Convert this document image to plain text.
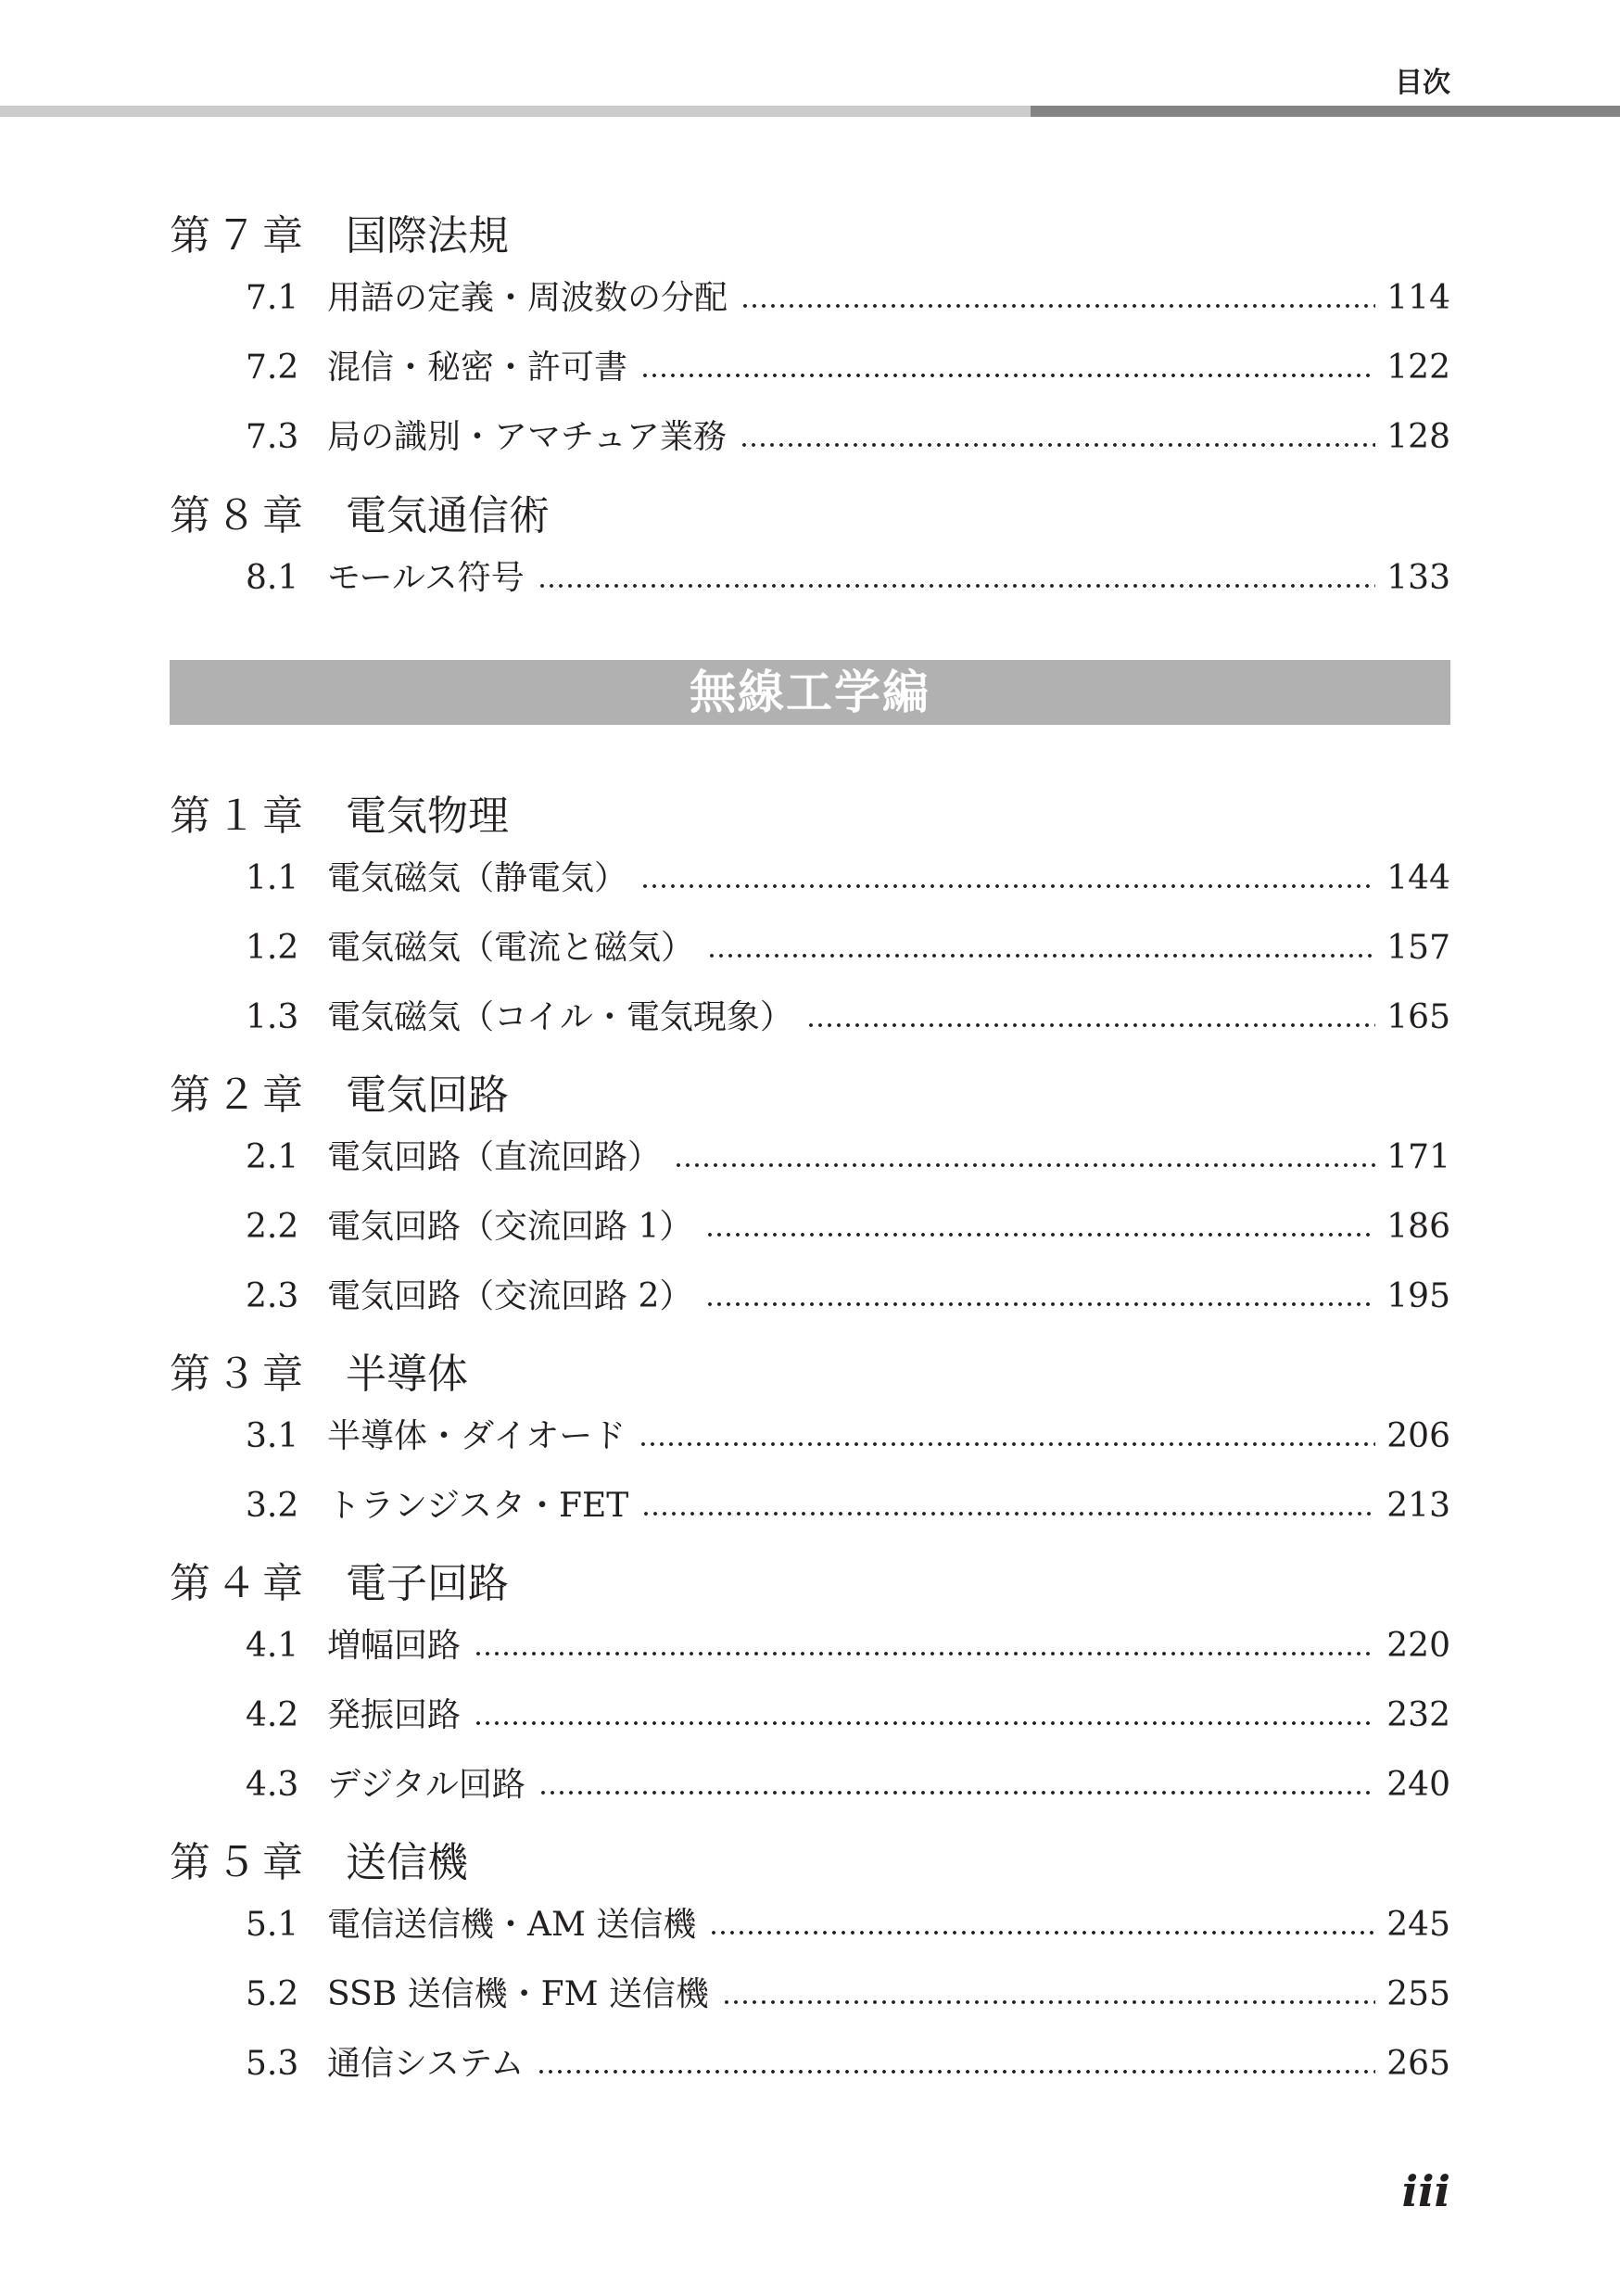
目次
第７章 国際法規
7.1 用語の定義・周波数の分配	114
7.2 混信・秘密・許可書	122
7.3 局の識別・アマチュア業務	128
第８章 電気通信術
8.1 モールス符号	133
無線工学編
第１章 電気物理
1.1 電気磁気（静電気）	144
1.2 電気磁気（電流と磁気）	157
1.3 電気磁気（コイル・電気現象）	165
第２章 電気回路
2.1 電気回路（直流回路）	171
2.2 電気回路（交流回路 1）	186
2.3 電気回路（交流回路 2）	195
第３章 半導体
3.1 半導体・ダイオード	206
3.2 トランジスタ・FET	213
第４章 電子回路
4.1 増幅回路	220
4.2 発振回路	232
4.3 デジタル回路	240
第５章 送信機
5.1 電信送信機・AM 送信機	245
5.2 SSB 送信機・FM 送信機	255
5.3 通信システム	265
iii
